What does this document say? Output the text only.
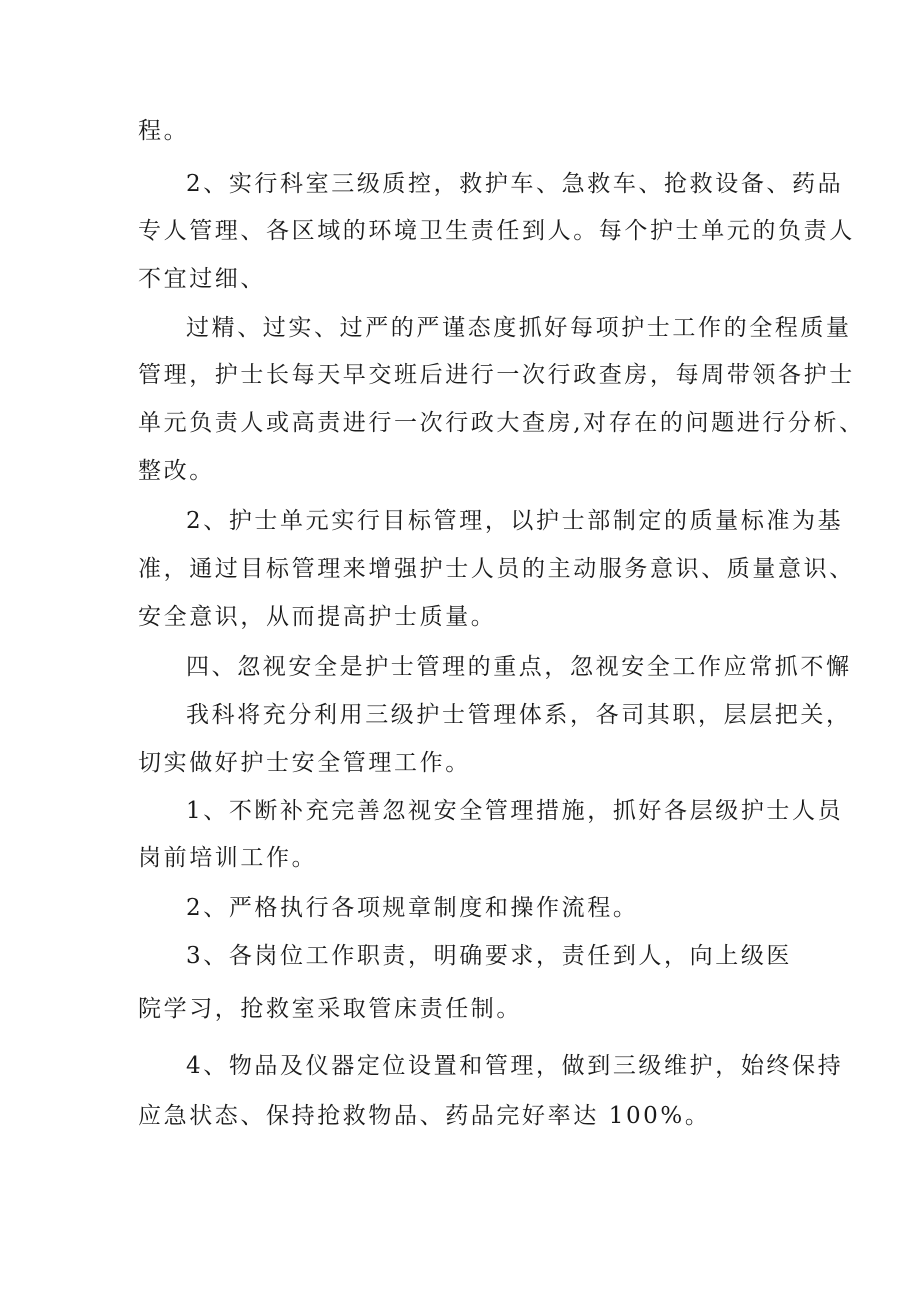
程。
2、实行科室三级质控，救护车、急救车、抢救设备、药品
专人管理、各区域的环境卫生责任到人。每个护士单元的负责人
不宜过细、
过精、过实、过严的严谨态度抓好每项护士工作的全程质量
管理，护士长每天早交班后进行一次行政查房，每周带领各护士
单元负责人或高责进行一次行政大查房,对存在的问题进行分析、
整改。
2、护士单元实行目标管理，以护士部制定的质量标准为基
准，通过目标管理来增强护士人员的主动服务意识、质量意识、
安全意识，从而提高护士质量。
四、忽视安全是护士管理的重点，忽视安全工作应常抓不懈
我科将充分利用三级护士管理体系，各司其职，层层把关，
切实做好护士安全管理工作。
1、不断补充完善忽视安全管理措施，抓好各层级护士人员
岗前培训工作。
2、严格执行各项规章制度和操作流程。
3、各岗位工作职责，明确要求，责任到人，向上级医
院学习，抢救室采取管床责任制。
4、物品及仪器定位设置和管理，做到三级维护，始终保持
应急状态、保持抢救物品、药品完好率达 100%。
